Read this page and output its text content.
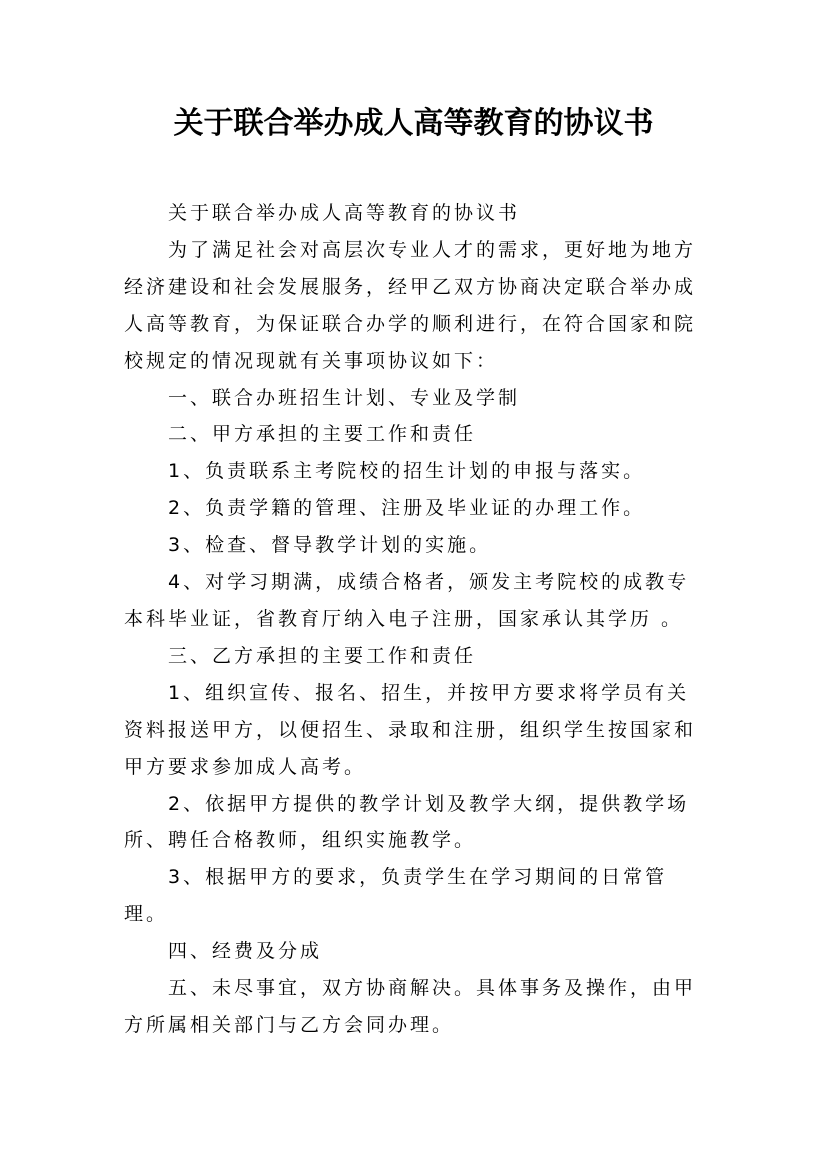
关于联合举办成人高等教育的协议书

关于联合举办成人高等教育的协议书

为了满足社会对高层次专业人才的需求，更好地为地方经济建设和社会发展服务，经甲乙双方协商决定联合举办成人高等教育，为保证联合办学的顺利进行，在符合国家和院校规定的情况现就有关事项协议如下：

一、联合办班招生计划、专业及学制

二、甲方承担的主要工作和责任

1、负责联系主考院校的招生计划的申报与落实。

2、负责学籍的管理、注册及毕业证的办理工作。

3、检查、督导教学计划的实施。

4、对学习期满，成绩合格者，颁发主考院校的成教专本科毕业证，省教育厅纳入电子注册，国家承认其学历 。

三、乙方承担的主要工作和责任

1、组织宣传、报名、招生，并按甲方要求将学员有关资料报送甲方，以便招生、录取和注册，组织学生按国家和甲方要求参加成人高考。

2、依据甲方提供的教学计划及教学大纲，提供教学场所、聘任合格教师，组织实施教学。

3、根据甲方的要求，负责学生在学习期间的日常管理。

四、经费及分成

五、未尽事宜，双方协商解决。具体事务及操作，由甲方所属相关部门与乙方会同办理。
